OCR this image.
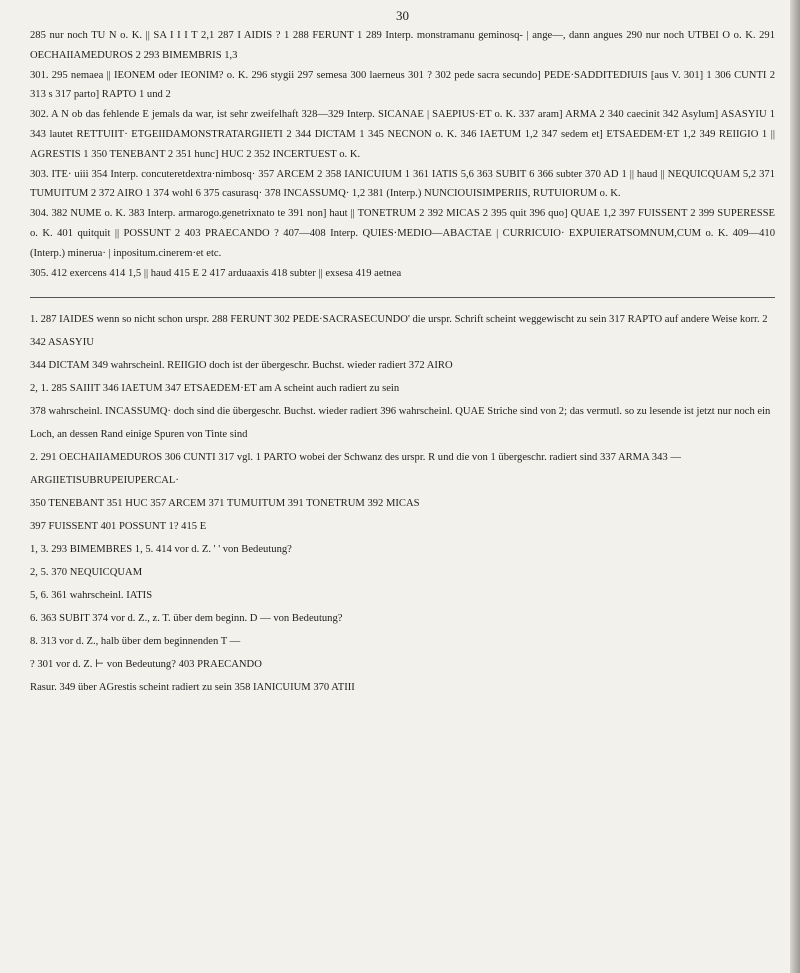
30

285 nur noch TU N o. K. || SA I I I T 2,1 287 I AIDIS ? 1 288 FERUNT 1 289 Interp. monstramanu geminosq- | ange—, dann angues 290 nur noch UTBEI O o. K. 291 OECHAIIAMEDUROS 2 293 BIMEMBRIS 1,3

301. 295 nemaea || IEONEM oder IEONIM? o. K. 296 stygii 297 semesa 300 laerneus 301 ? 302 pede sacra secundo] PEDE·SADDITEDIUIS [aus V. 301] 1 306 CUNTI 2 313 s 317 parto] RAPTO 1 und 2

302. A N ob das fehlende E jemals da war, ist sehr zweifelhaft 328—329 Interp. SICANAE | SAEPIUS·ET o. K. 337 aram] ARMA 2 340 caecinit 342 Asylum] ASASYIU 1 343 lautet RETTUIIT· ETGEIIDAMONSTRATARGIIETI 2 344 DICTAM 1 345 NECNON o. K. 346 IAETUM 1,2 347 sedem et] ETSAEDEM·ET 1,2 349 REIIGIO 1 || AGRESTIS 1 350 TENEBANT 2 351 hunc] HUC 2 352 INCERTUEST o. K.

303. ITE· uiii 354 Interp. concuteretdextra·nimbosq· 357 ARCEM 2 358 IANICUIUM 1 361 IATIS 5,6 363 SUBIT 6 366 subter 370 AD 1 || haud || NEQUICQUAM 5,2 371 TUMUITUM 2 372 AIRO 1 374 wohl 6 375 casurasq· 378 INCASSUMQ· 1,2 381 (Interp.) NUNCIOUISIMPERIIS, RUTUIORUM o. K.

304. 382 NUME o. K. 383 Interp. armarogo.genetrixnato te 391 non] haut || TONETRUM 2 392 MICAS 2 395 quit 396 quo] QUAE 1,2 397 FUISSENT 2 399 SUPERESSE o. K. 401 quitquit || POSSUNT 2 403 PRAECANDO ? 407—408 Interp. QUIES·MEDIO—ABACTAE | CURRICUIO· EXPUIERATSOMNUM,CUM o. K. 409—410 (Interp.) minerua· | inpositum.cinerem·et etc.

305. 412 exercens 414 1,5 || haud 415 E 2 417 arduaaxis 418 subter || exsesa 419 aetnea

1. 287 IAIDES wenn so nicht schon urspr. 288 FERUNT 302 PEDE·SACRASECUNDO' die urspr. Schrift scheint weggewischt zu sein 317 RAPTO auf andere Weise korr. 2 342 ASASYIU

344 DICTAM 349 wahrscheinl. REIIGIO doch ist der übergeschr. Buchst. wieder radiert 372 AIRO

2, 1. 285 SAIIIT 346 IAETUM 347 ETSAEDEM·ET am A scheint auch radiert zu sein

378 wahrscheinl. INCASSUMQ· doch sind die übergeschr. Buchst. wieder radiert 396 wahrscheinl. QUAE Striche sind von 2; das vermutl. so zu lesende ist jetzt nur noch ein Loch, an dessen Rand einige Spuren von Tinte sind

2. 291 OECHAIIAMEDUROS 306 CUNTI 317 vgl. 1 PARTO wobei der Schwanz des urspr. R und die von 1 übergeschr. radiert sind 337 ARMA 343 —ARGIIETISUBRUPEIUPERCAL·

350 TENEBANT 351 HUC 357 ARCEM 371 TUMUITUM 391 TONETRUM 392 MICAS

397 FUISSENT 401 POSSUNT 1? 415 E

1, 3. 293 BIMEMBRES 1, 5. 414 vor d. Z. ' ' von Bedeutung?

2, 5. 370 NEQUICQUAM

5, 6. 361 wahrscheinl. IATIS

6. 363 SUBIT 374 vor d. Z., z. T. über dem beginn. D — von Bedeutung?

8. 313 vor d. Z., halb über dem beginnenden T —

? 301 vor d. Z. ⊢ von Bedeutung? 403 PRAECANDO

Rasur. 349 über AGrestis scheint radiert zu sein 358 IANICUIUM 370 ATIII
